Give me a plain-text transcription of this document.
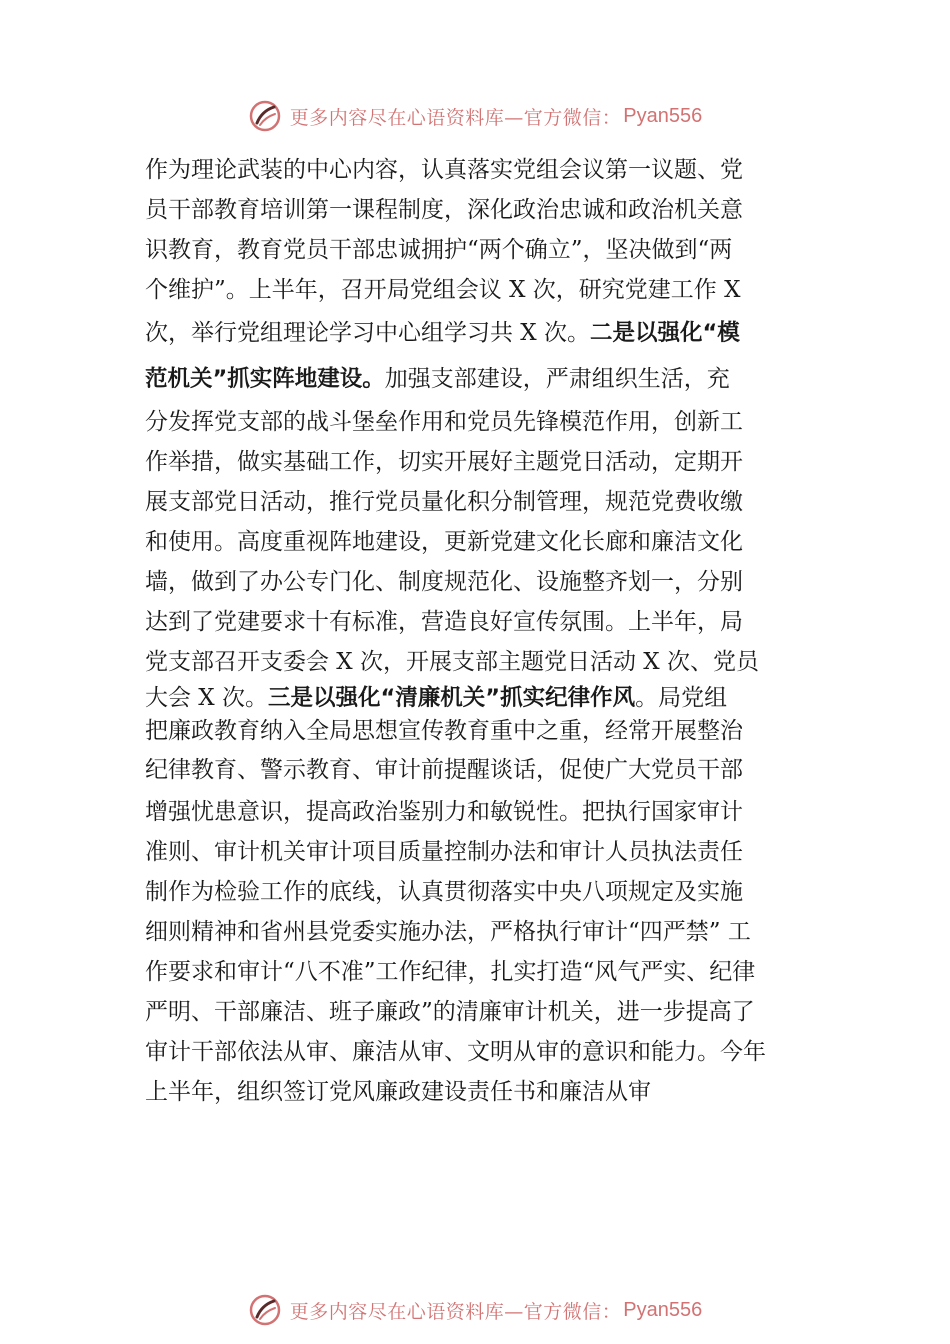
更多内容尽在心语资料库—官方微信： Pyan556
作为理论武装的中心内容，认真落实党组会议第一议题、党
员干部教育培训第一课程制度，深化政治忠诚和政治机关意
识教育，教育党员干部忠诚拥护“两个确立”，坚决做到“两
个维护”。上半年，召开局党组会议 X 次，研究党建工作 X
次，举行党组理论学习中心组学习共 X 次。二是以强化“模
范机关”抓实阵地建设。加强支部建设，严肃组织生活，充
分发挥党支部的战斗堡垒作用和党员先锋模范作用，创新工
作举措，做实基础工作，切实开展好主题党日活动，定期开
展支部党日活动，推行党员量化积分制管理，规范党费收缴
和使用。高度重视阵地建设，更新党建文化长廊和廉洁文化
墙，做到了办公专门化、制度规范化、设施整齐划一，分别
达到了党建要求十有标准，营造良好宣传氛围。上半年，局
党支部召开支委会 X 次，开展支部主题党日活动 X 次、党员
大会 X 次。三是以强化“清廉机关”抓实纪律作风。局党组
把廉政教育纳入全局思想宣传教育重中之重，经常开展整治
纪律教育、警示教育、审计前提醒谈话，促使广大党员干部
增强忧患意识，提高政治鉴别力和敏锐性。把执行国家审计
准则、审计机关审计项目质量控制办法和审计人员执法责任
制作为检验工作的底线，认真贯彻落实中央八项规定及实施
细则精神和省州县党委实施办法，严格执行审计“四严禁” 工
作要求和审计“八不准”工作纪律，扎实打造“风气严实、纪律
严明、干部廉洁、班子廉政”的清廉审计机关，进一步提高了
审计干部依法从审、廉洁从审、文明从审的意识和能力。今年
上半年，组织签订党风廉政建设责任书和廉洁从审
更多内容尽在心语资料库—官方微信： Pyan556
